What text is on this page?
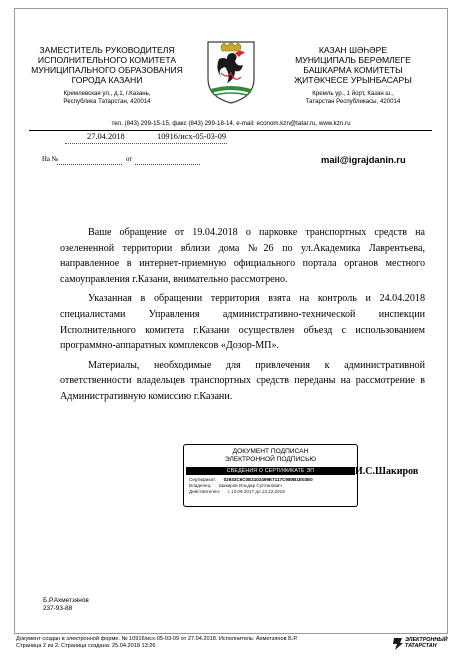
ЗАМЕСТИТЕЛЬ РУКОВОДИТЕЛЯ
ИСПОЛНИТЕЛЬНОГО КОМИТЕТА
МУНИЦИПАЛЬНОГО ОБРАЗОВАНИЯ
ГОРОДА КАЗАНИ
Кремлевская ул., д.1, г.Казань,
Республика Татарстан, 420014
КАЗАН ШӘҺӘРЕ
МУНИЦИПАЛЬ БЕРӘМЛЕГЕ
БАШКАРМА КОМИТЕТЫ
ҖИТӘКЧЕСЕ УРЫНБАСАРЫ
Кремль ур., 1 йорт, Казан ш.,
Татарстан Республикасы, 420014
тел. (843) 299-15-15, факс (843) 299-18-14, e-mail: econom.kzn@tatar.ru, www.kzn.ru
27.04.2018	10916/исх-05-03-09
На №	от	mail@igrajdanin.ru

Ваше обращение от 19.04.2018 о парковке транспортных средств на озелененной территории вблизи дома №26 по ул.Академика Лаврентьева, направленное в интернет-приемную официального портала органов местного самоуправления г.Казани, внимательно рассмотрено.

Указанная в обращении территория взята на контроль и 24.04.2018 специалистами Управления административно-технической инспекции Исполнительного комитета г.Казани осуществлен объезд с использованием программно-аппаратных комплексов «Дозор-МП».

Материалы, необходимые для привлечения к административной ответственности владельцев транспортных средств переданы на рассмотрение в Административную комиссию г.Казани.

ДОКУМЕНТ ПОДПИСАН
ЭЛЕКТРОННОЙ ПОДПИСЬЮ
СВЕДЕНИЯ О СЕРТИФИКАТЕ ЭП
Сертификат: 02933C6C0E2102499E7117C980B1E03E0
Владелец: Шакиров Ильдар Султанович
Действителен: с 13.09.2017 до 13.12.2018
И.С.Шакиров
Б.Р.Ахметзянов
237-93-88
Документ создан в электронной форме. № 10916/исх-05-03-09 от 27.04.2018. Исполнитель: Ахметзянов Б.Р.
Страница 2 из 2. Страница создана: 25.04.2018 13:26
ЭЛЕКТРОННЫЙ
ТАТАРСТАН
